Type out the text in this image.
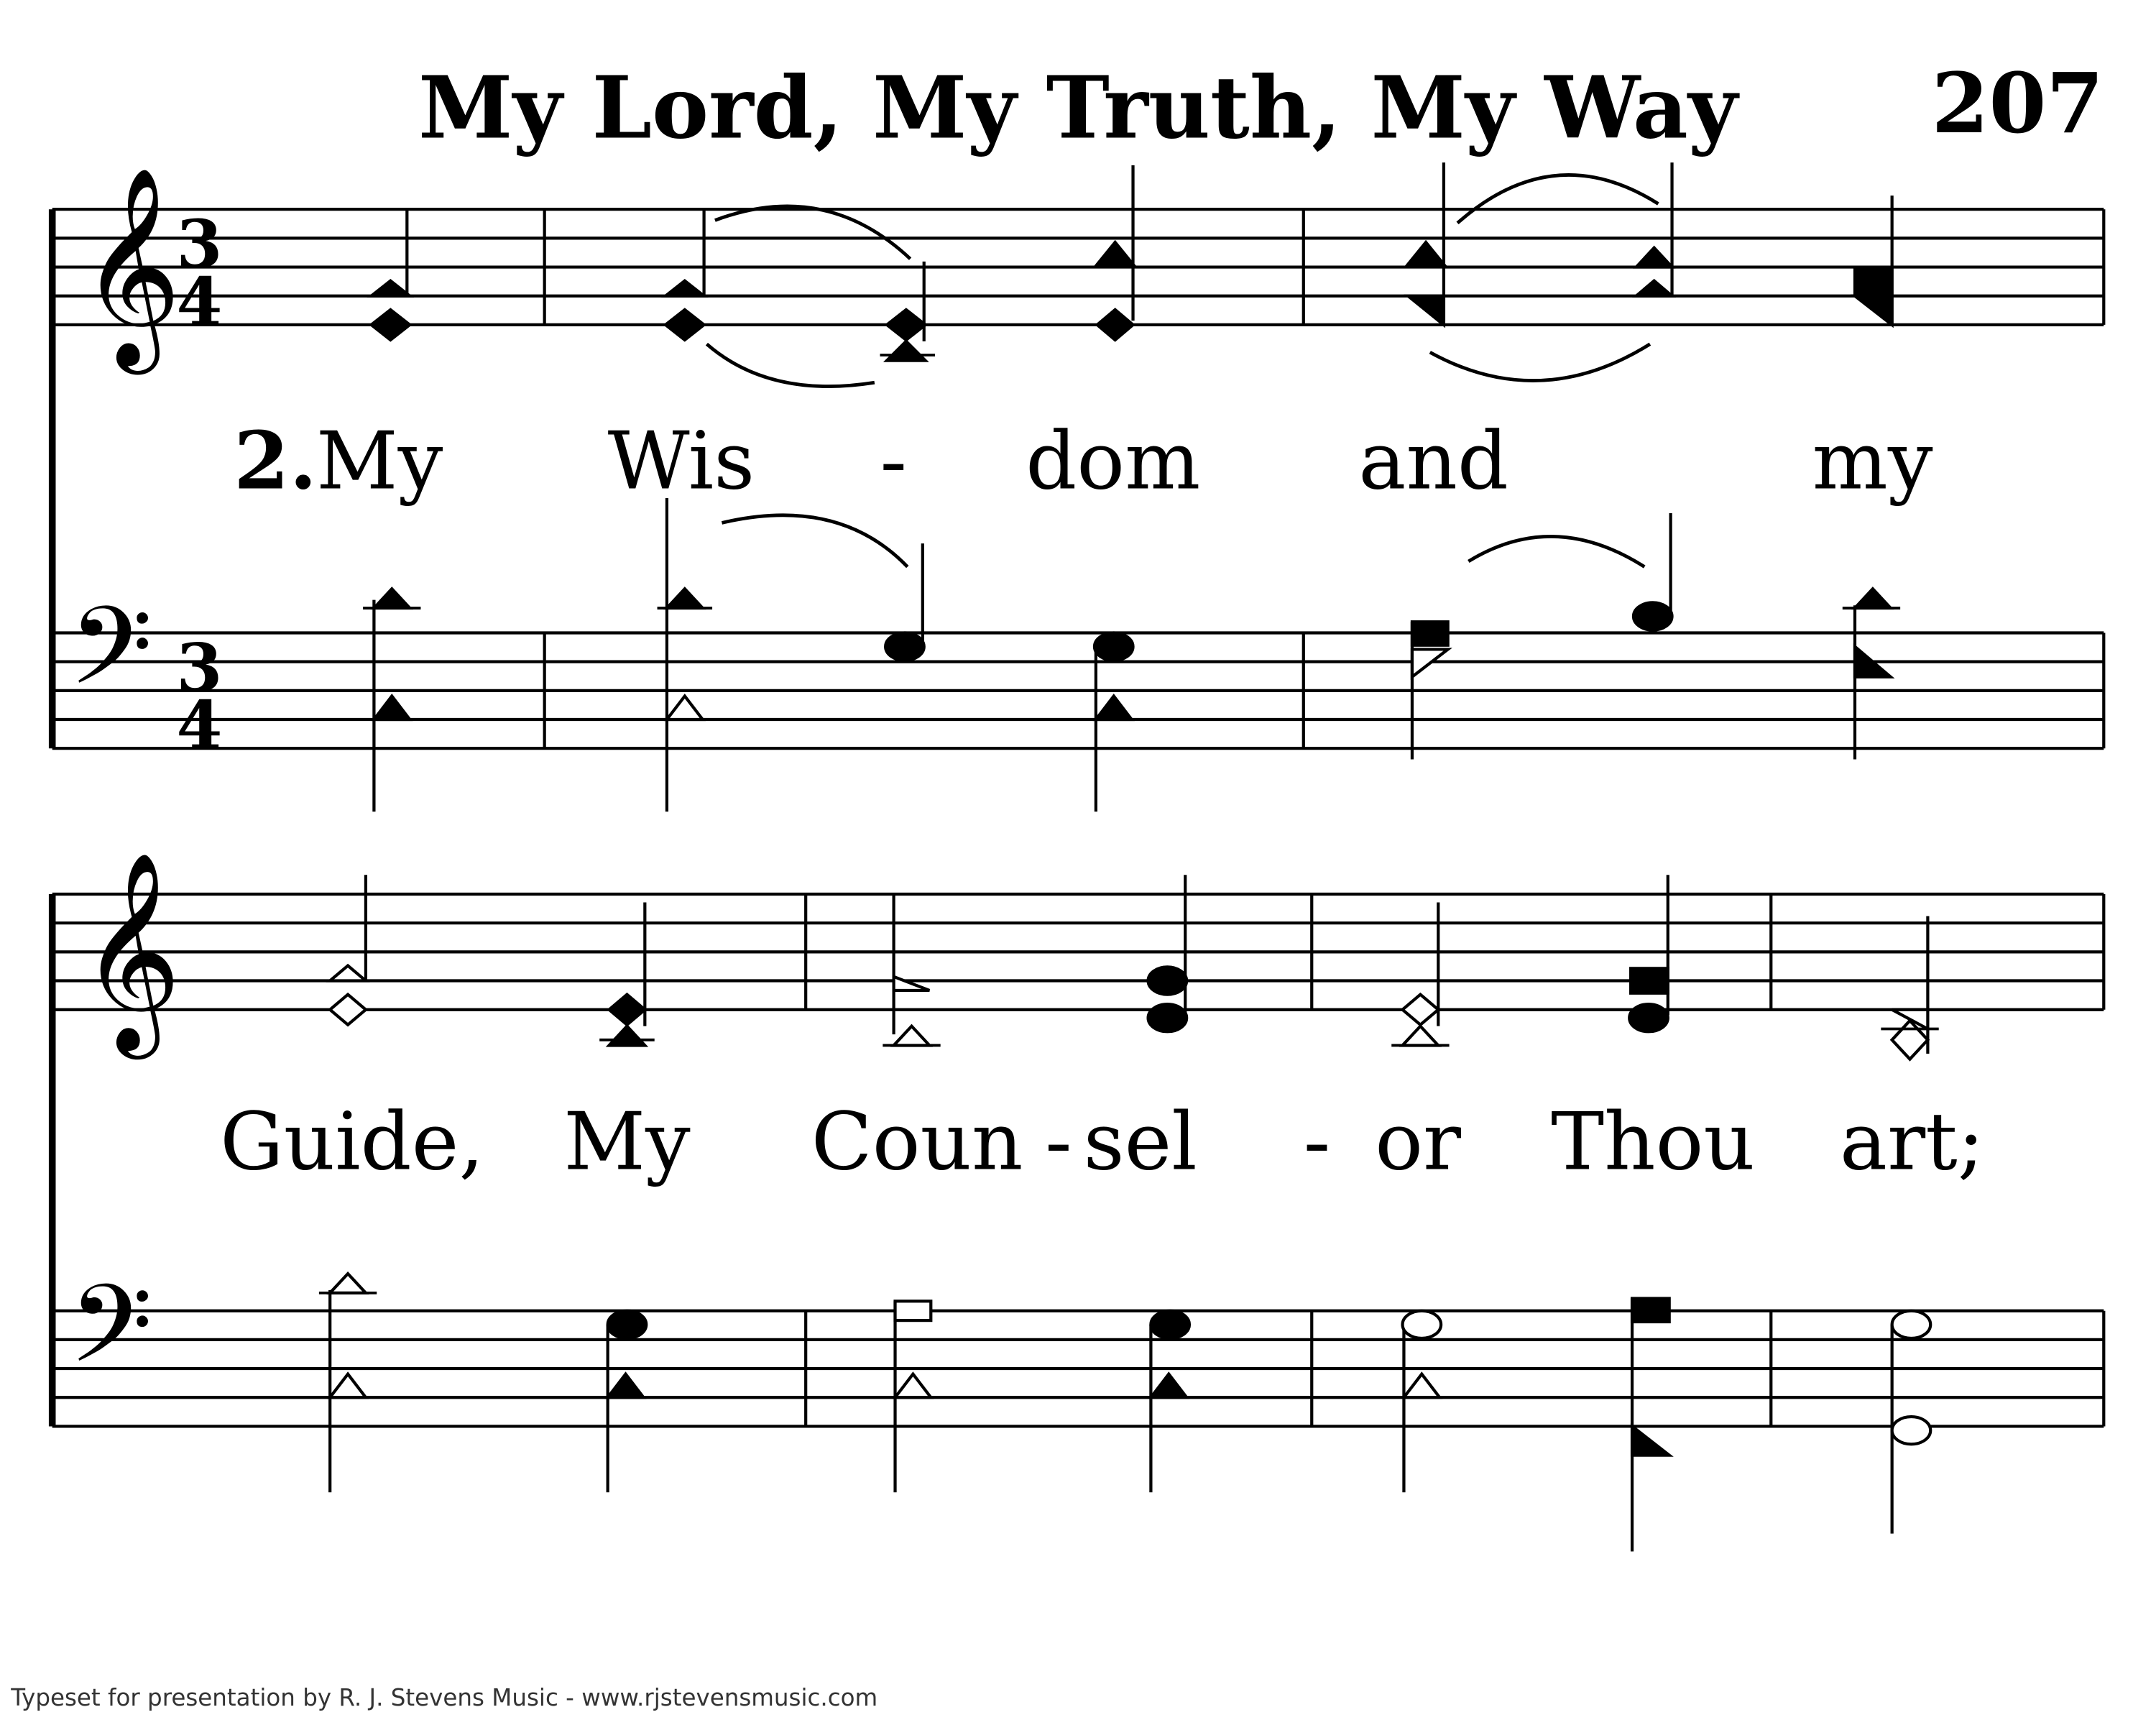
My Lord, My Truth, My Way	207
𝄞
𝄢
3
4
3
4
2.
My	Wis	-	dom	and	my
𝄞
𝄢
Guide, My	Coun - sel	- or Thou art;
Typeset for presentation by R. J. Stevens Music - www.rjstevensmusic.com
